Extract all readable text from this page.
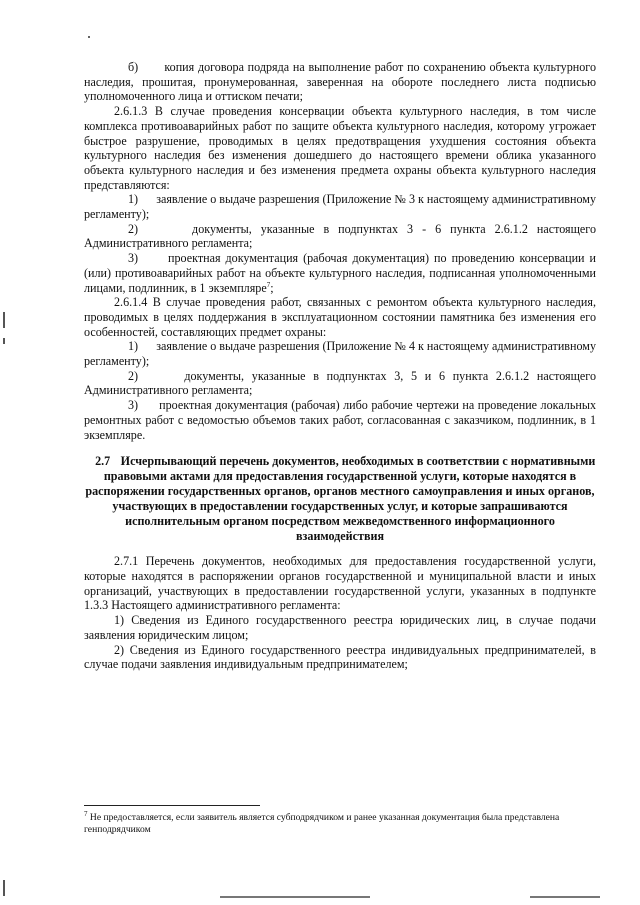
б)       копия договора подряда на выполнение работ по сохранению объекта культурного наследия, прошитая, пронумерованная, заверенная на обороте последнего листа подписью уполномоченного лица и оттиском печати;

2.6.1.3 В случае проведения консервации объекта культурного наследия, в том числе комплекса противоаварийных работ по защите объекта культурного наследия, которому угрожает быстрое разрушение, проводимых в целях предотвращения ухудшения состояния объекта культурного наследия без изменения дошедшего до настоящего времени облика указанного объекта культурного наследия и без изменения предмета охраны объекта культурного наследия представляются:

1)      заявление о выдаче разрешения (Приложение № 3 к настоящему административному регламенту);

2)      документы, указанные в подпунктах 3 - 6 пункта 2.6.1.2 настоящего Административного регламента;

3)      проектная документация (рабочая документация) по проведению консервации и (или) противоаварийных работ на объекте культурного наследия, подписанная уполномоченными лицами, подлинник, в 1 экземпляре$^7$;

2.6.1.4 В случае проведения работ, связанных с ремонтом объекта культурного наследия, проводимых в целях поддержания в эксплуатационном состоянии памятника без изменения его особенностей, составляющих предмет охраны:

1)      заявление о выдаче разрешения (Приложение № 4 к настоящему административному регламенту);

2)      документы, указанные в подпунктах 3, 5 и 6 пункта 2.6.1.2 настоящего Административного регламента;

3)      проектная документация (рабочая) либо рабочие чертежи на проведение локальных ремонтных работ с ведомостью объемов таких работ, согласованная с заказчиком, подлинник, в 1 экземпляре.

2.7 Исчерпывающий перечень документов, необходимых в соответствии с нормативными правовыми актами для предоставления государственной услуги, которые находятся в распоряжении государственных органов, органов местного самоуправления и иных органов, участвующих в предоставлении государственных услуг, и которые запрашиваются исполнительным органом посредством межведомственного информационного взаимодействия

2.7.1 Перечень документов, необходимых для предоставления государственной услуги, которые находятся в распоряжении органов государственной и муниципальной власти и иных организаций, участвующих в предоставлении государственной услуги, указанных в подпункте 1.3.3 Настоящего административного регламента:

1) Сведения из Единого государственного реестра юридических лиц, в случае подачи заявления юридическим лицом;

2) Сведения из Единого государственного реестра индивидуальных предпринимателей, в случае подачи заявления индивидуальным предпринимателем;

$^7$ Не предоставляется, если заявитель является субподрядчиком и ранее указанная документация была представлена генподрядчиком
